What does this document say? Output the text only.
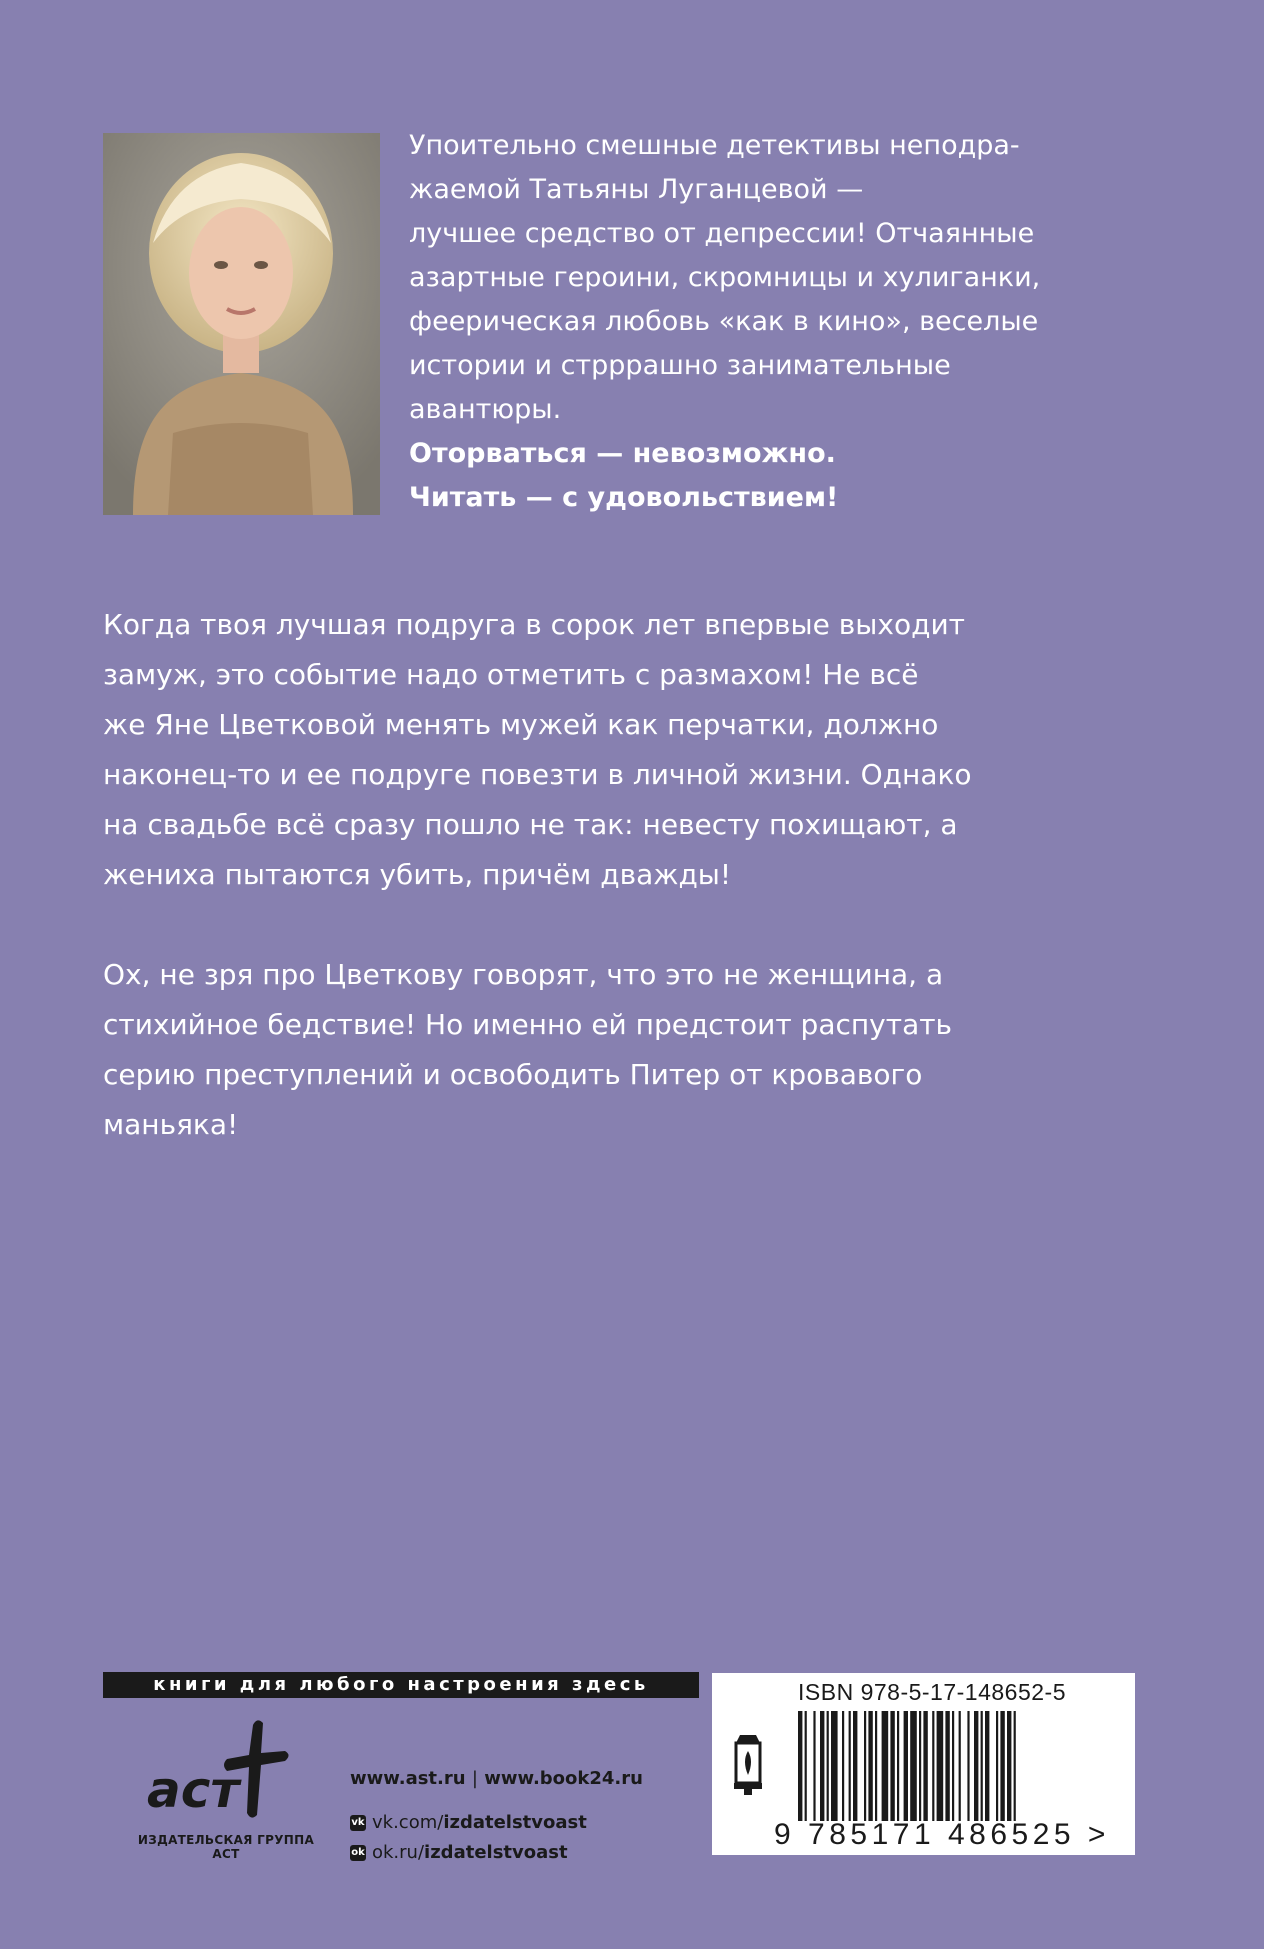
Упоительно смешные детективы неподра-

жаемой Татьяны Луганцевой —

лучшее средство от депрессии! Отчаянные

азартные героини, скромницы и хулиганки,

феерическая любовь «как в кино», веселые

истории и стрррашно занимательные

авантюры.

Оторваться — невозможно.

Читать — с удовольствием!

Когда твоя лучшая подруга в сорок лет впервые выходит
замуж, это событие надо отметить с размахом! Не всё
же Яне Цветковой менять мужей как перчатки, должно
наконец-то и ее подруге повезти в личной жизни. Однако
на свадьбе всё сразу пошло не так: невесту похищают, а
жениха пытаются убить, причём дважды!

Ох, не зря про Цветкову говорят, что это не женщина, а
стихийное бедствие! Но именно ей предстоит распутать
серию преступлений и освободить Питер от кровавого
маньяка!

книги для любого настроения здесь
аст
ИЗДАТЕЛЬСКАЯ ГРУППА АСТ
www.ast.ru | www.book24.ru
vk vk.com/izdatelstvoast
ok ok.ru/izdatelstvoast
ISBN 978-5-17-148652-5
9 785171 486525 >
